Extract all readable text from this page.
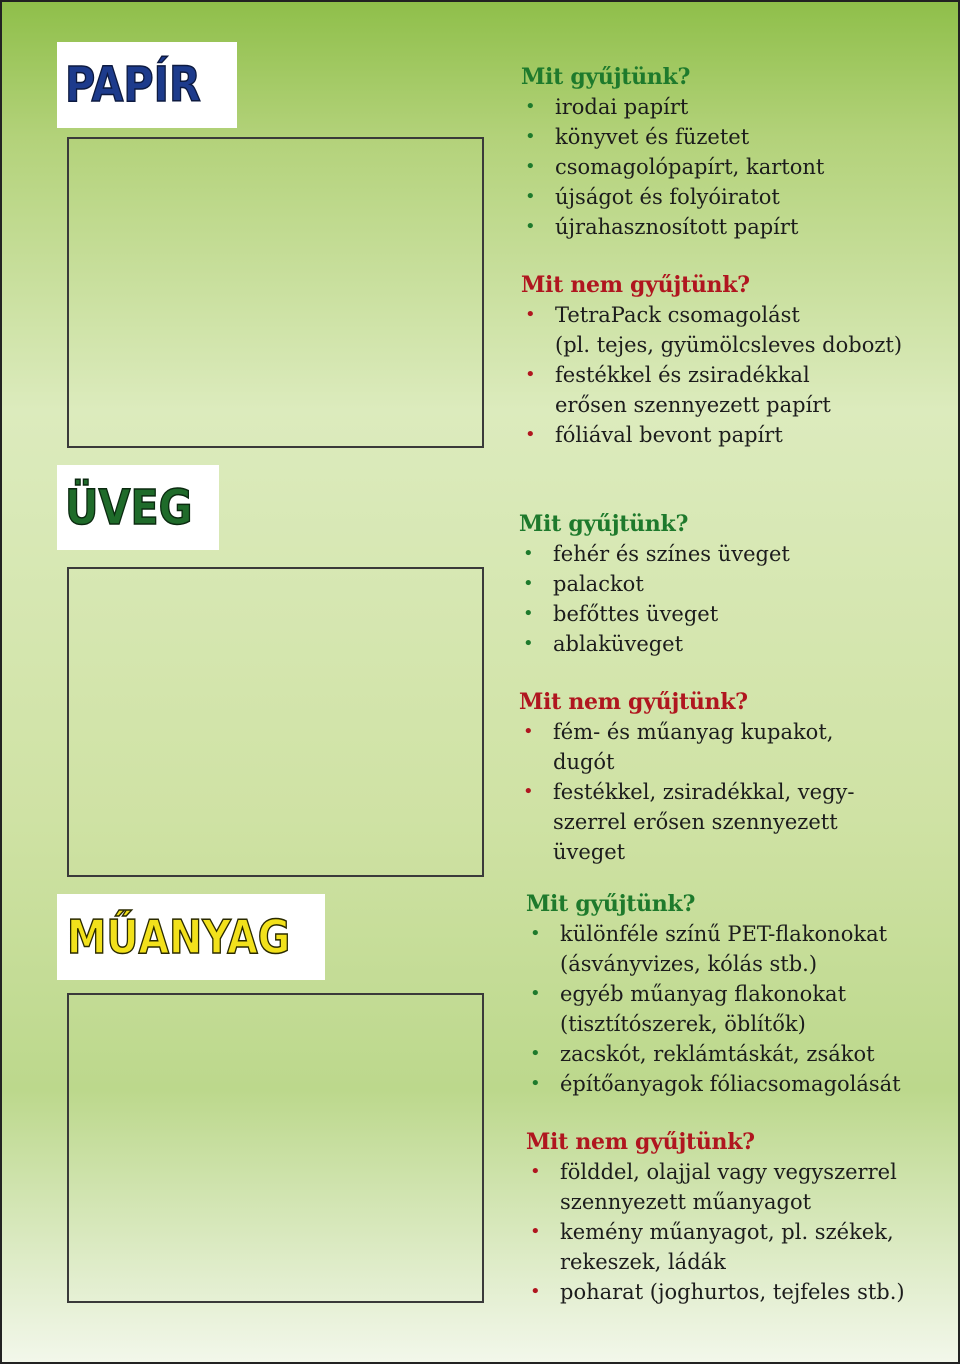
PAPÍR	Mit gyűjtünk?
• irodai papírt
• könyvet és füzetet
• csomagolópapírt, kartont
• újságot és folyóiratot
• újrahasznosított papírt
Mit nem gyűjtünk?
• TetraPack csomagolást
(pl. tejes, gyümölcsleves dobozt)
• festékkel és zsiradékkal
erősen szennyezett papírt
• fóliával bevont papírt
ÜVEG	Mit gyűjtünk?
• fehér és színes üveget
• palackot
• befőttes üveget
• ablaküveget
Mit nem gyűjtünk?
• fém- és műanyag kupakot,
dugót
• festékkel, zsiradékkal, vegy-
szerrel erősen szennyezett
üveget
MŰANYAG
Mit gyűjtünk?
• különféle színű PET-flakonokat
(ásványvizes, kólás stb.)
• egyéb műanyag flakonokat
(tisztítószerek, öblítők)
• zacskót, reklámtáskát, zsákot
• építőanyagok fóliacsomagolását
Mit nem gyűjtünk?
• földdel, olajjal vagy vegyszerrel
szennyezett műanyagot
• kemény műanyagot, pl. székek,
rekeszek, ládák
• poharat (joghurtos, tejfeles stb.)
